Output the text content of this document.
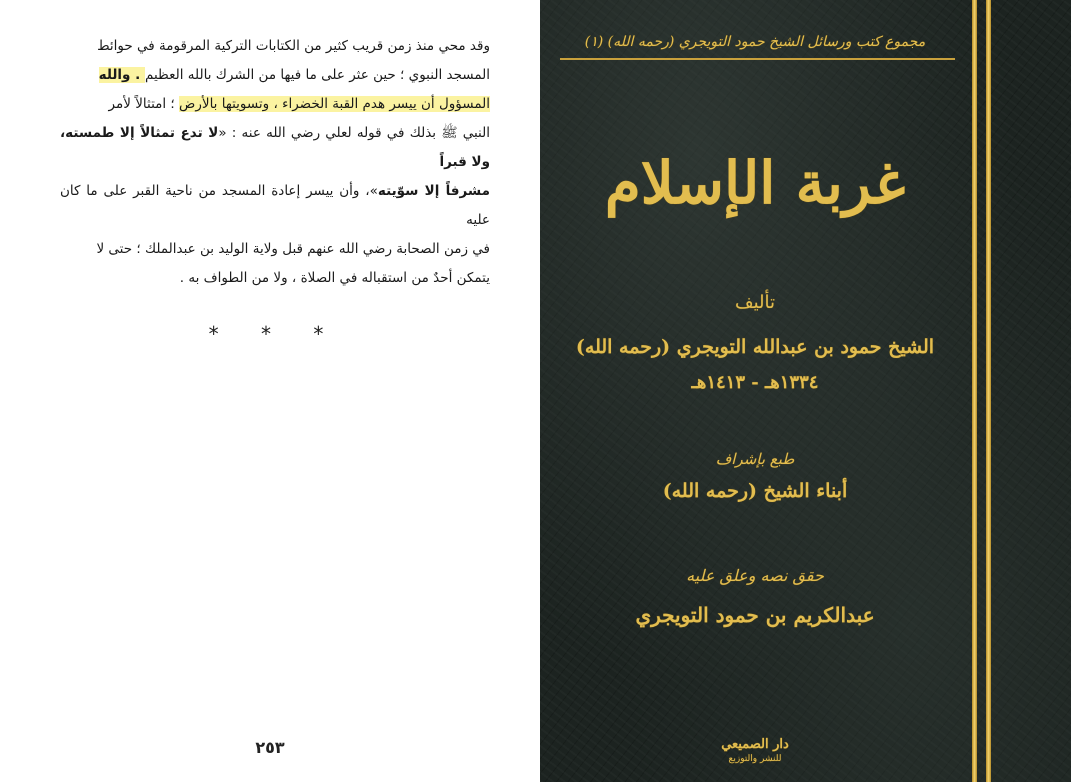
وقد محي منذ زمن قريب كثير من الكتابات التركية المرقومة في حوائط

المسجد النبوي ؛ حين عثر على ما فيها من الشرك بالله العظيم . والله

المسؤول أن ييسر هدم القبة الخضراء ، وتسويتها بالأرض ؛ امتثالاً لأمر

النبي ﷺ بذلك في قوله لعلي رضي الله عنه : «لا تدع تمثالاً إلا طمسته، ولا قبراً

مشرفاً إلا سوّيته»، وأن ييسر إعادة المسجد من ناحية القبر على ما كان عليه

في زمن الصحابة رضي الله عنهم قبل ولاية الوليد بن عبدالملك ؛ حتى لا

يتمكن أحدٌ من استقباله في الصلاة ، ولا من الطواف به .

* * *
٢٥٣
مجموع كتب ورسائل الشيخ حمود التويجري (رحمه الله) (١)
غربة الإسلام
تأليف
الشيخ حمود بن عبدالله التويجري (رحمه الله)
١٣٣٤هـ - ١٤١٣هـ
طبع بإشراف
أبناء الشيخ (رحمه الله)
حقق نصه وعلق عليه
عبدالكريم بن حمود التويجري
دار الصميعي
للنشر والتوزيع
